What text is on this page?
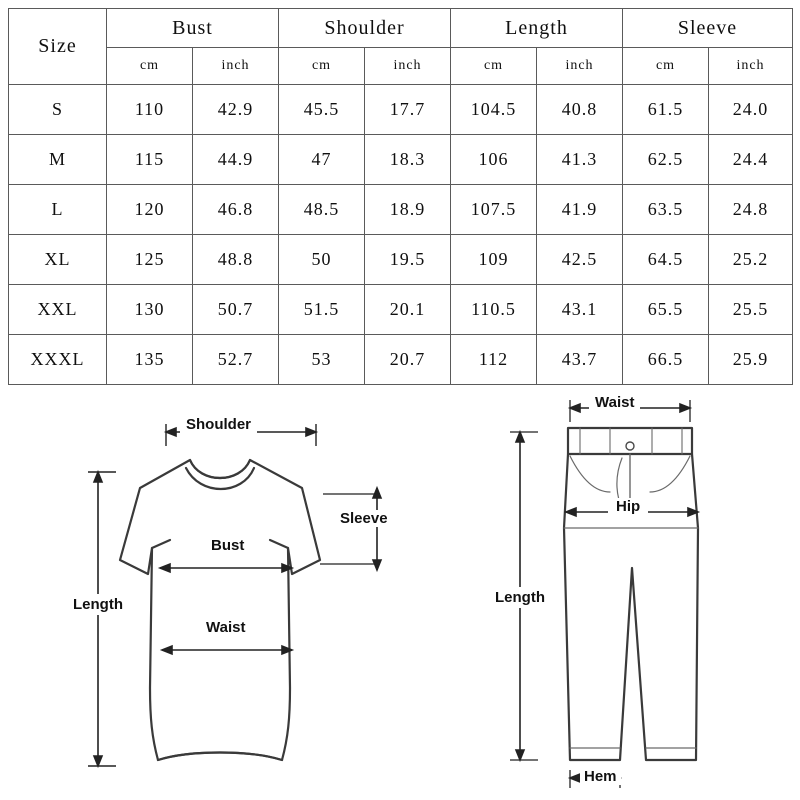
Size	Bust		Shoulder		Length		Sleeve	
	cm	inch	cm	inch	cm	inch	cm	inch
S	110	42.9	45.5	17.7	104.5	40.8	61.5	24.0
M	115	44.9	47	18.3	106	41.3	62.5	24.4
L	120	46.8	48.5	18.9	107.5	41.9	63.5	24.8
XL	125	48.8	50	19.5	109	42.5	64.5	25.2
XXL	130	50.7	51.5	20.1	110.5	43.1	65.5	25.5
XXXL	135	52.7	53	20.7	112	43.7	66.5	25.9
Shoulder
Sleeve
Bust
Waist
Length
Waist
Hip
Length
Hem
